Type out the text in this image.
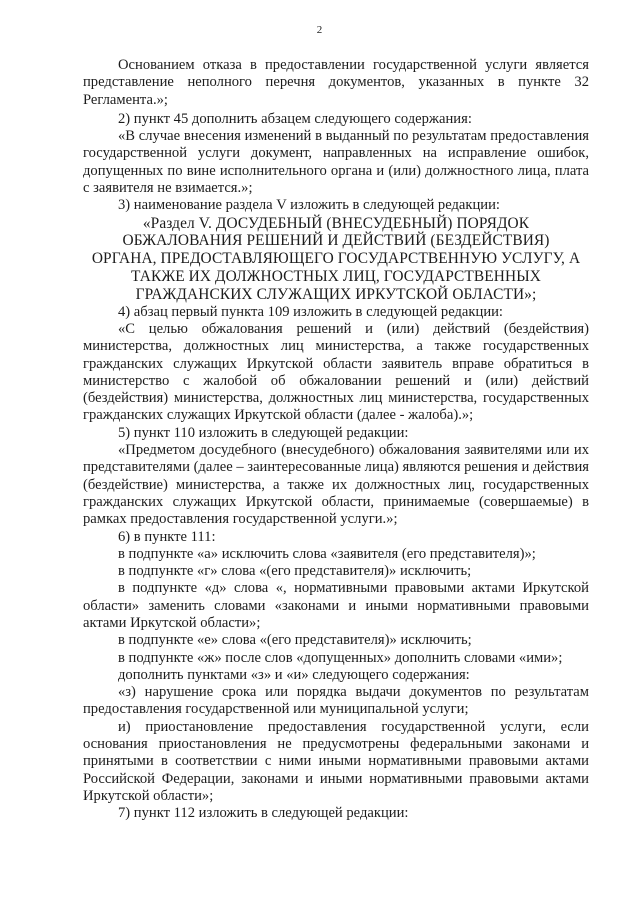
2

Основанием отказа в предоставлении государственной услуги является представление неполного перечня документов, указанных в пункте 32 Регламента.»;

2) пункт 45 дополнить абзацем следующего содержания:

«В случае внесения изменений в выданный по результатам предоставления государственной услуги документ, направленных на исправление ошибок, допущенных по вине исполнительного органа и (или) должностного лица, плата с заявителя не взимается.»;

3) наименование раздела V изложить в следующей редакции:

«Раздел V. ДОСУДЕБНЫЙ (ВНЕСУДЕБНЫЙ) ПОРЯДОК

ОБЖАЛОВАНИЯ РЕШЕНИЙ И ДЕЙСТВИЙ (БЕЗДЕЙСТВИЯ)

ОРГАНА, ПРЕДОСТАВЛЯЮЩЕГО ГОСУДАРСТВЕННУЮ УСЛУГУ, А

ТАКЖЕ ИХ ДОЛЖНОСТНЫХ ЛИЦ, ГОСУДАРСТВЕННЫХ

ГРАЖДАНСКИХ СЛУЖАЩИХ ИРКУТСКОЙ ОБЛАСТИ»;

4) абзац первый пункта 109 изложить в следующей редакции:

«С целью обжалования решений и (или) действий (бездействия) министерства, должностных лиц министерства, а также государственных гражданских служащих Иркутской области заявитель вправе обратиться в министерство с жалобой об обжаловании решений и (или) действий (бездействия) министерства, должностных лиц министерства, государственных гражданских служащих Иркутской области (далее - жалоба).»;

5) пункт 110 изложить в следующей редакции:

«Предметом досудебного (внесудебного) обжалования заявителями или их представителями (далее – заинтересованные лица) являются решения и действия (бездействие) министерства, а также их должностных лиц, государственных гражданских служащих Иркутской области, принимаемые (совершаемые) в рамках предоставления государственной услуги.»;

6) в пункте 111:

в подпункте «а» исключить слова «заявителя (его представителя)»;

в подпункте «г» слова «(его представителя)» исключить;

в подпункте «д» слова «, нормативными правовыми актами Иркутской области» заменить словами «законами и иными нормативными правовыми актами Иркутской области»;

в подпункте «е» слова «(его представителя)» исключить;

в подпункте «ж» после слов «допущенных» дополнить словами «ими»;

дополнить пунктами «з» и «и» следующего содержания:

«з) нарушение срока или порядка выдачи документов по результатам предоставления государственной или муниципальной услуги;

и) приостановление предоставления государственной услуги, если основания приостановления не предусмотрены федеральными законами и принятыми в соответствии с ними иными нормативными правовыми актами Российской Федерации, законами и иными нормативными правовыми актами Иркутской области»;

7) пункт 112 изложить в следующей редакции:
